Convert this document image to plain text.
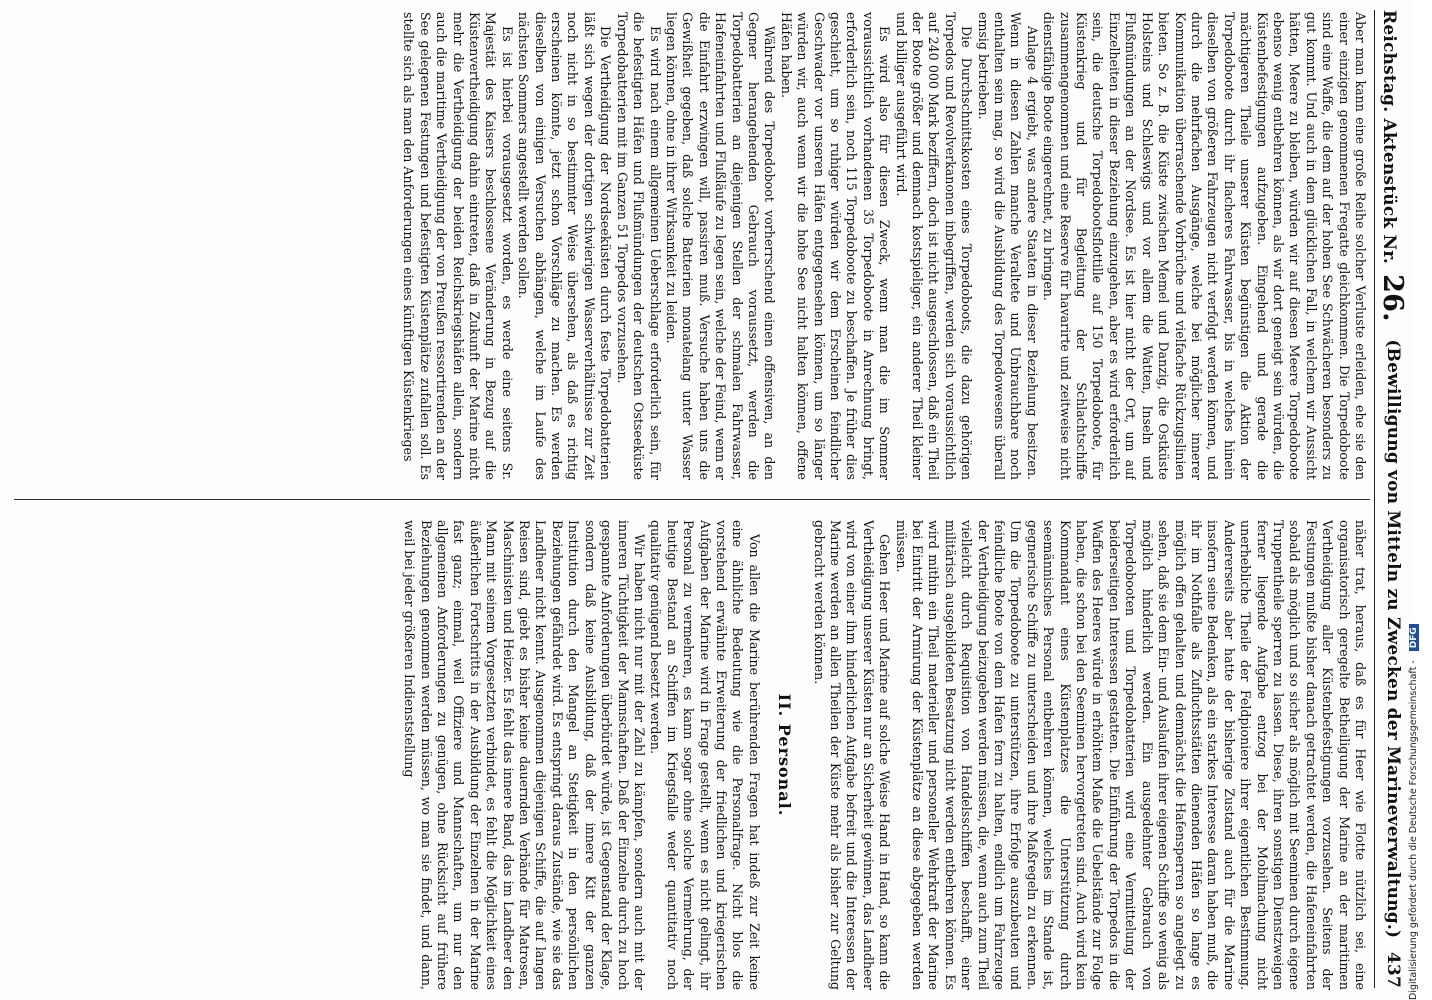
Reichstag. Aktenstück Nr. 26.
(Bewilligung von Mitteln zu Zwecken der Marineverwaltung.)
437

Aber man kann eine große Reihe solcher Verluste erleiden, ehe sie den einer einzigen genommenen Fregatte gleichkommen. Die Torpedoboote sind eine Waffe, die dem auf der hohen See Schwächeren besonders zu gut kommt. Und auch in dem glücklichen Fall, in welchem wir Aussicht hätten, Meere zu bleiben, würden wir auf diesen Meere Torpedoboote ebenso wenig entbehren können, als wir dort geneigt sein würden, die Küstenbefestigungen aufzugeben. Eingehend und gerade die mächtigeren Theile unserer Küsten begünstigen die Aktion der Torpedoboote durch ihr flacheres Fahrwasser, bis in welches hinein dieselben von größeren Fahrzeugen nicht verfolgt werden können, und durch die mehrfachen Ausgänge, welche bei möglicher innerer Kommunikation überraschende Vorbrüche und vielfache Rückzugslinien bieten. So z. B. die Küste zwischen Memel und Danzig, die Ostküste Holsteins und Schleswigs und vor allem die Watten, Inseln und Flußmündungen an der Nordsee. Es ist hier nicht der Ort, um auf Einzelheiten in dieser Beziehung einzugehen, aber es wird erforderlich sein, die deutsche Torpedobootsflottille auf 150 Torpedoboote, für Küstenkrieg und für Begleitung der Schlachtschiffe zusammengenommen und eine Reserve für havarirte und zeitweise nicht dienstfähige Boote eingerechnet, zu bringen.

Anlage 4 ergiebt, was andere Staaten in dieser Beziehung besitzen. Wenn in diesen Zahlen manche Veraltete und Unbrauchbare noch enthalten sein mag, so wird die Ausbildung des Torpedowesens überall emsig betrieben.

Die Durchschnittskosten eines Torpedoboots, die dazu gehörigen Torpedos und Revolverkanonen inbegriffen, werden sich voraussichtlich auf 240 000 Mark beziffern, doch ist nicht ausgeschlossen, daß ein Theil der Boote größer und demnach kostspieliger, ein anderer Theil kleiner und billiger ausgeführt wird.

Es wird also für diesen Zweck, wenn man die im Sommer voraussichtlich vorhandenen 35 Torpedoboote in Anrechnung bringt, erforderlich sein, noch 115 Torpedoboote zu beschaffen. Je früher dies geschieht, um so ruhiger würden wir dem Erscheinen feindlicher Geschwader vor unseren Häfen entgegensehen können, um so länger würden wir, auch wenn wir die hohe See nicht halten können, offene Häfen haben.

Während des Torpedoboot vorherrschend einen offensiven, an den Gegner herangehenden Gebrauch voraussetzt, werden die Torpedobatterien an diejenigen Stellen der schmalen Fahrwasser, Hafeneinfahrten und Flußläufe zu legen sein, welche der Feind, wenn er die Einfahrt erzwingen will, passiren muß. Versuche haben uns die Gewißheit gegeben, daß solche Batterien monatelang unter Wasser liegen können, ohne in ihrer Wirksamkeit zu leiden.

Es wird nach einem allgemeinen Ueberschlage erforderlich sein, für die befestigten Häfen und Flußmündungen der deutschen Ostseeküste Torpedobatterien mit im Ganzen 51 Torpedos vorzusehen.

Die Vertheidigung der Nordseeküsten durch feste Torpedobatterien läßt sich wegen der dortigen schwierigen Wasserverhältnisse zur Zeit noch nicht in so bestimmter Weise übersehen, als daß es richtig erscheinen könnte, jetzt schon Vorschläge zu machen. Es werden dieselben von einigen Versuchen abhängen, welche im Laufe des nächsten Sommers angestellt werden sollen.

Es ist hierbei vorausgesetzt worden, es werde eine seitens Sr. Majestät des Kaisers beschlossene Veränderung in Bezug auf die Küstenvertheidigung dahin eintreten, daß in Zukunft der Marine nicht mehr die Vertheidigung der beiden Reichskriegshäfen allein, sondern auch die maritime Vertheidigung der von Preußen ressortirenden an der See gelegenen Festungen und befestigten Küstenplätze zufallen soll. Es stellte sich als man den Anforderungen eines künftigen Küstenkrieges

näher trat, heraus, daß es für Heer wie Flotte nützlich sei, eine organisatorisch geregelte Betheiligung der Marine an der maritimen Vertheidigung aller Küstenbefestigungen vorzusehen. Seitens der Festungen mußte bisher danach getrachtet werden, die Hafeneinfahrten sobald als möglich und so sicher als möglich mit Seeminen durch eigene Truppentheile sperren zu lassen. Diese, ihren sonstigen Dienstzweigen ferner liegende Aufgabe entzog bei der Mobilmachung nicht unerhebliche Theile der Feldpioniere ihrer eigentlichen Bestimmung. Andererseits aber hatte der bisherige Zustand auch für die Marine insofern seine Bedenken, als ein starkes Interesse daran haben muß, die ihr im Nothfalle als Zufluchtsstätten dienenden Häfen so lange es möglich offen gehalten und demnächst die Hafensperren so angelegt zu sehen, daß sie dem Ein- und Auslaufen ihrer eigenen Schiffe so wenig als möglich hinderlich werden. Ein ausgedehnter Gebrauch von Torpedobooten und Torpedobatterien wird eine Vermittelung der beiderseitigen Interessen gestatten. Die Einführung der Torpedos in die Waffen des Heeres würde in erhöhtem Maße die Uebelstände zur Folge haben, die schon bei den Seeminen hervorgetreten sind. Auch wird kein Kommandant eines Küstenplatzes die Unterstützung durch seemännisches Personal entbehren können, welches im Stande ist, gegnerische Schiffe zu unterscheiden und ihre Maßregeln zu erkennen. Um die Torpedoboote zu unterstützen, ihre Erfolge auszubeuten und feindliche Boote von dem Hafen fern zu halten, endlich um Fahrzeuge der Vertheidigung beizugeben werden müssen, die, wenn auch zum Theil vielleicht durch Requisition von Handelsschiffen beschafft, einer militärisch ausgebildeten Besatzung nicht werden entbehren können. Es wird mithin ein Theil materieller und personeller Wehrkraft der Marine bei Eintritt der Armirung der Küstenplätze an diese abgegeben werden müssen.

Gehen Heer und Marine auf solche Weise Hand in Hand, so kann die Vertheidigung unserer Küsten nur an Sicherheit gewinnen, das Landheer wird von einer ihm hinderlichen Aufgabe befreit und die Interessen der Marine werden an allen Theilen der Küste mehr als bisher zur Geltung gebracht werden können.

II. Personal.

Von allen die Marine berührenden Fragen hat indeß zur Zeit keine eine ähnliche Bedeutung wie die Personalfrage. Nicht blos die vorstehend erwähnte Erweiterung der friedlichen und kriegerischen Aufgaben der Marine wird in Frage gestellt, wenn es nicht gelingt, ihr Personal zu vermehren, es kann sogar ohne solche Vermehrung, der heutige Bestand an Schiffen im Kriegsfalle weder quantitativ noch qualitativ genügend besetzt werden.

Wir haben nicht nur mit der Zahl zu kämpfen, sondern auch mit der inneren Tüchtigkeit der Mannschaften. Daß der Einzelne durch zu hoch gespannte Anforderungen überbürdet würde, ist Gegenstand der Klage, sondern daß keine Ausbildung, daß der innere Kitt der ganzen Institution durch den Mangel an Stetigkeit in den persönlichen Beziehungen gefährdet wird. Es entspringt daraus Zustände, wie sie das Landheer nicht kennt. Ausgenommen diejenigen Schiffe, die auf langen Reisen sind, giebt es bisher keine dauernden Verbände für Matrosen, Maschinisten und Heizer. Es fehlt das innere Band, das im Landheer den Mann mit seinem Vorgesetzten verbindet, es fehlt die Möglichkeit eines äußerlichen Fortschritts in der Ausbildung der Einzelnen in der Marine fast ganz; einmal, weil Offiziere und Mannschaften, um nur den allgemeinen Anforderungen zu genügen, ohne Rücksicht auf frühere Beziehungen genommen werden müssen, wo man sie findet, und dann, weil bei jeder größeren Indienststellung

Digitalisierung gefördert durch die Deutsche Forschungsgemeinschaft - DFG
